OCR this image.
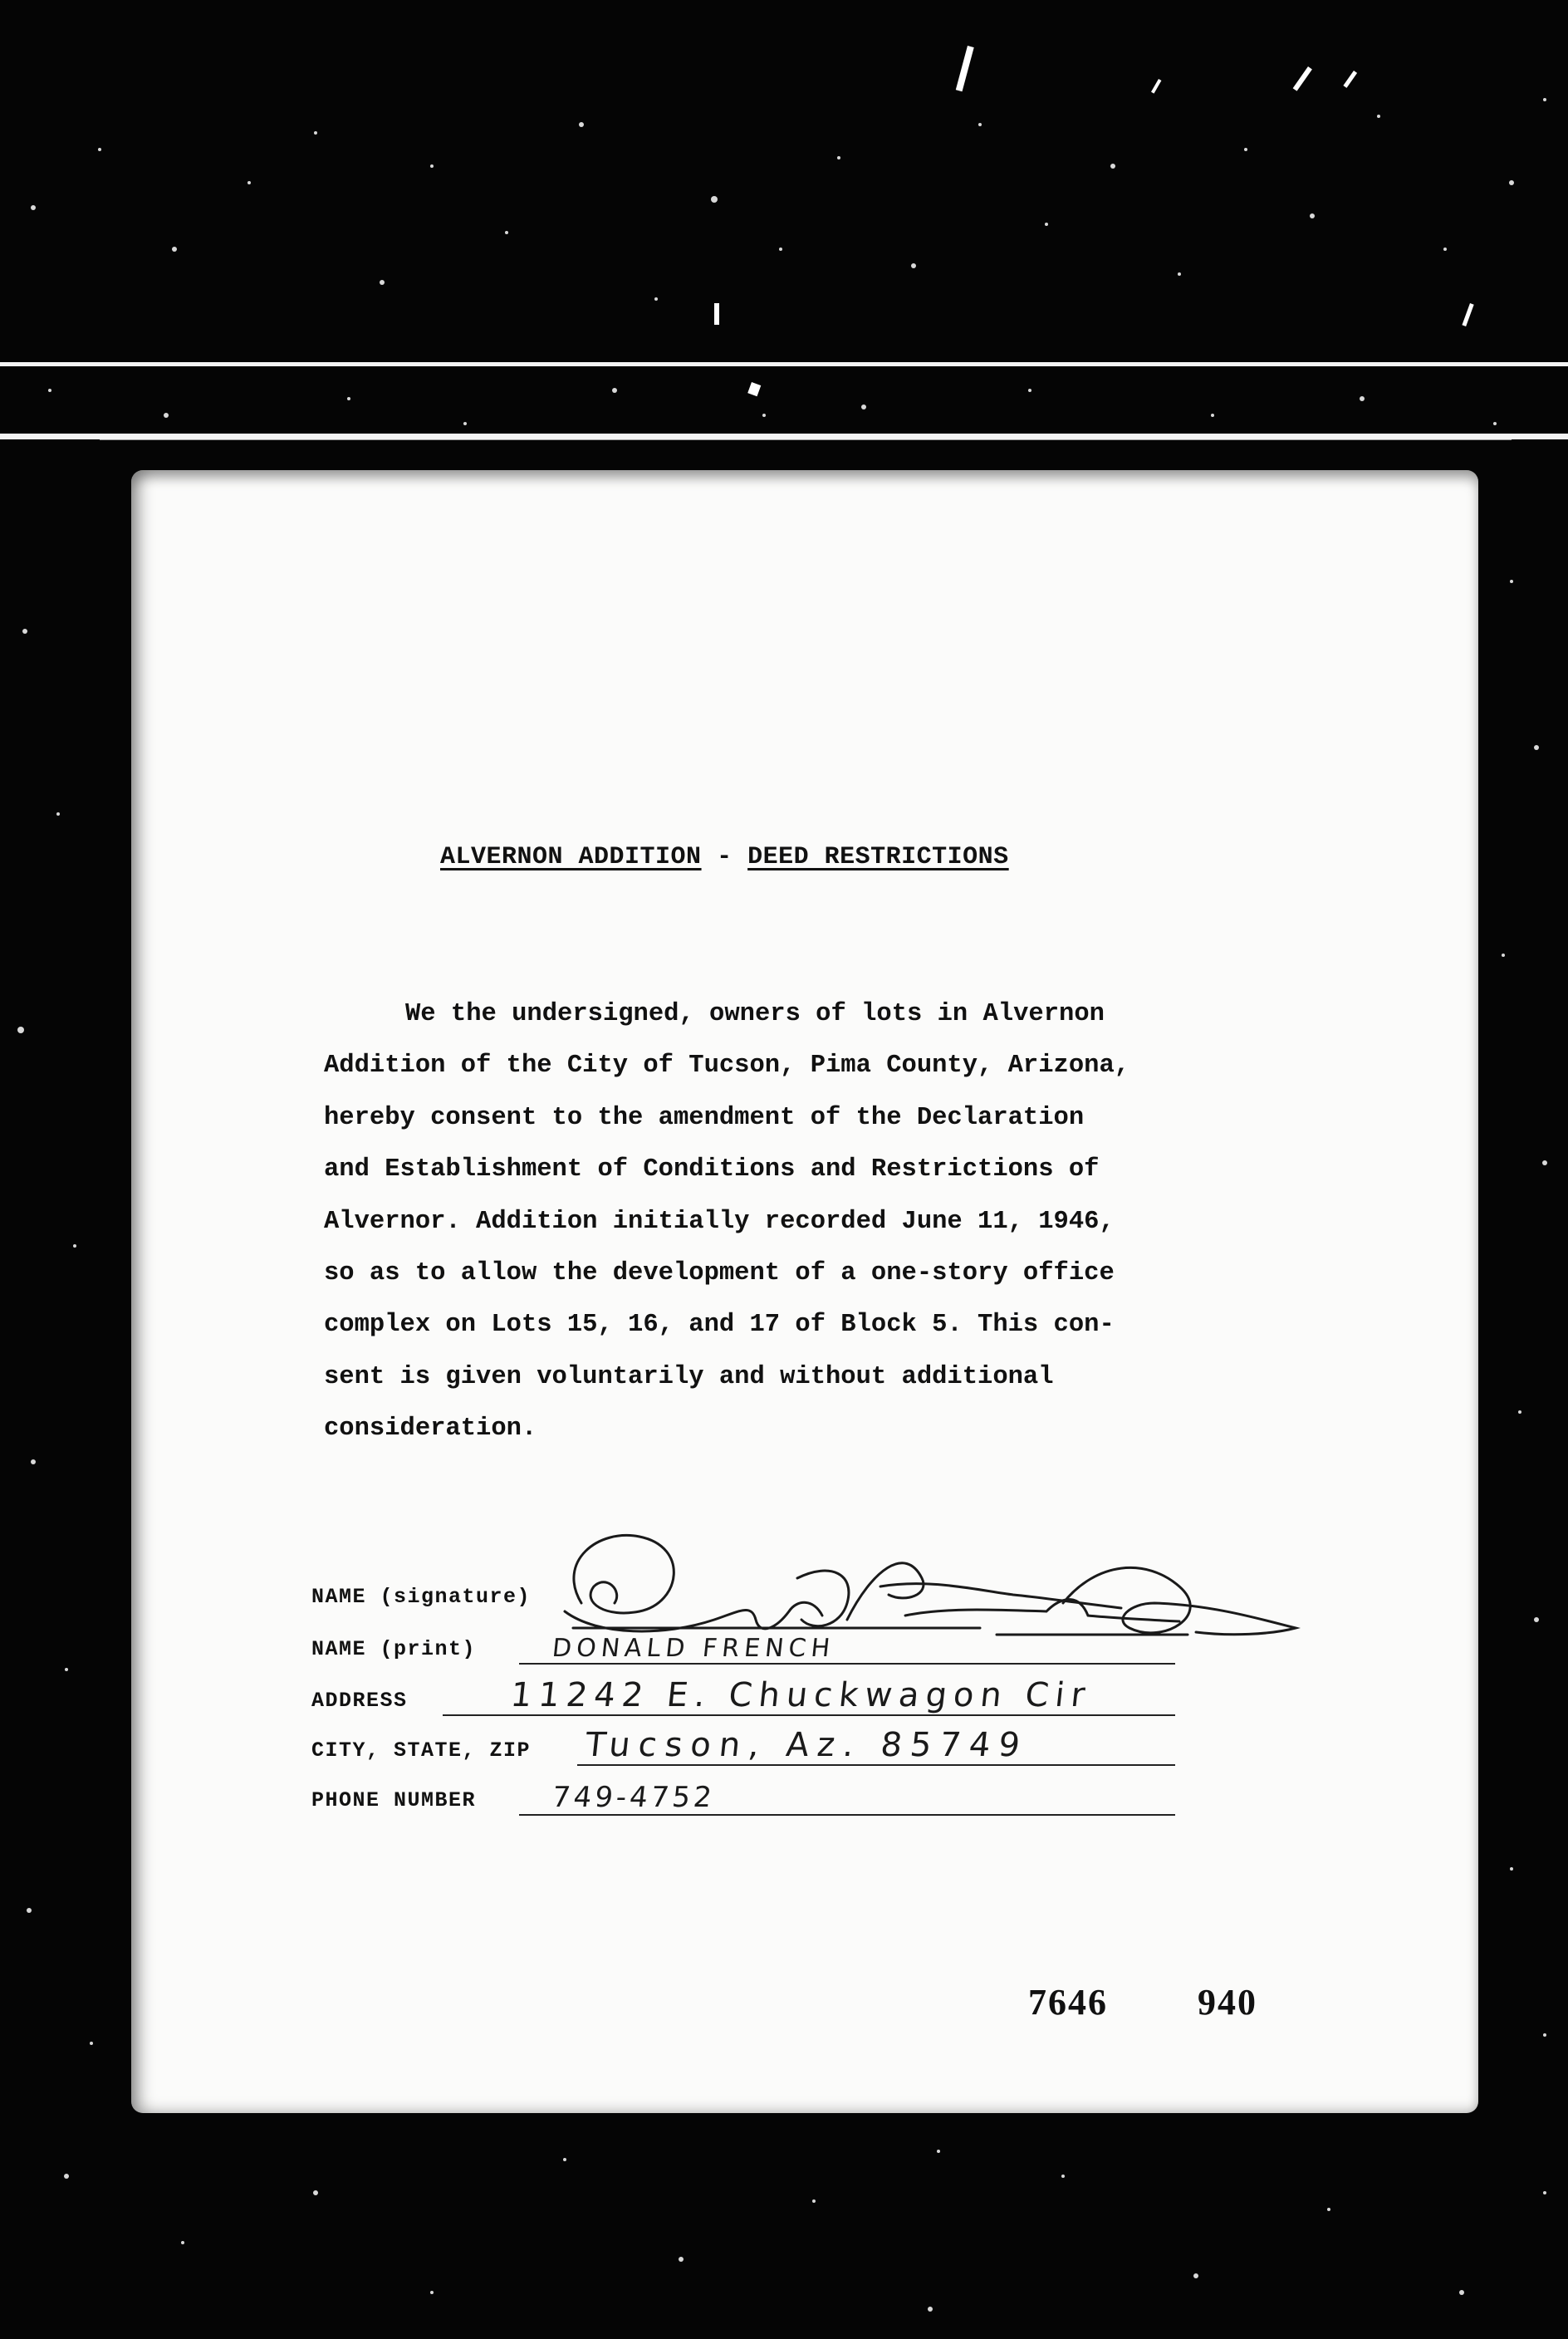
ALVERNON ADDITION - DEED RESTRICTIONS
We the undersigned, owners of lots in Alvernon
Addition of the City of Tucson, Pima County, Arizona,
hereby consent to the amendment of the Declaration
and Establishment of Conditions and Restrictions of
Alvernor. Addition initially recorded June 11, 1946,
so as to allow the development of a one-story office
complex on Lots 15, 16, and 17 of Block 5. This con-
sent is given voluntarily and without additional
consideration.
NAME (signature)
NAME (print)	DONALD FRENCH
ADDRESS	11242 E. Chuckwagon Cir
CITY, STATE, ZIP Tucson, Az. 85749
PHONE NUMBER	749-4752
7646 940
